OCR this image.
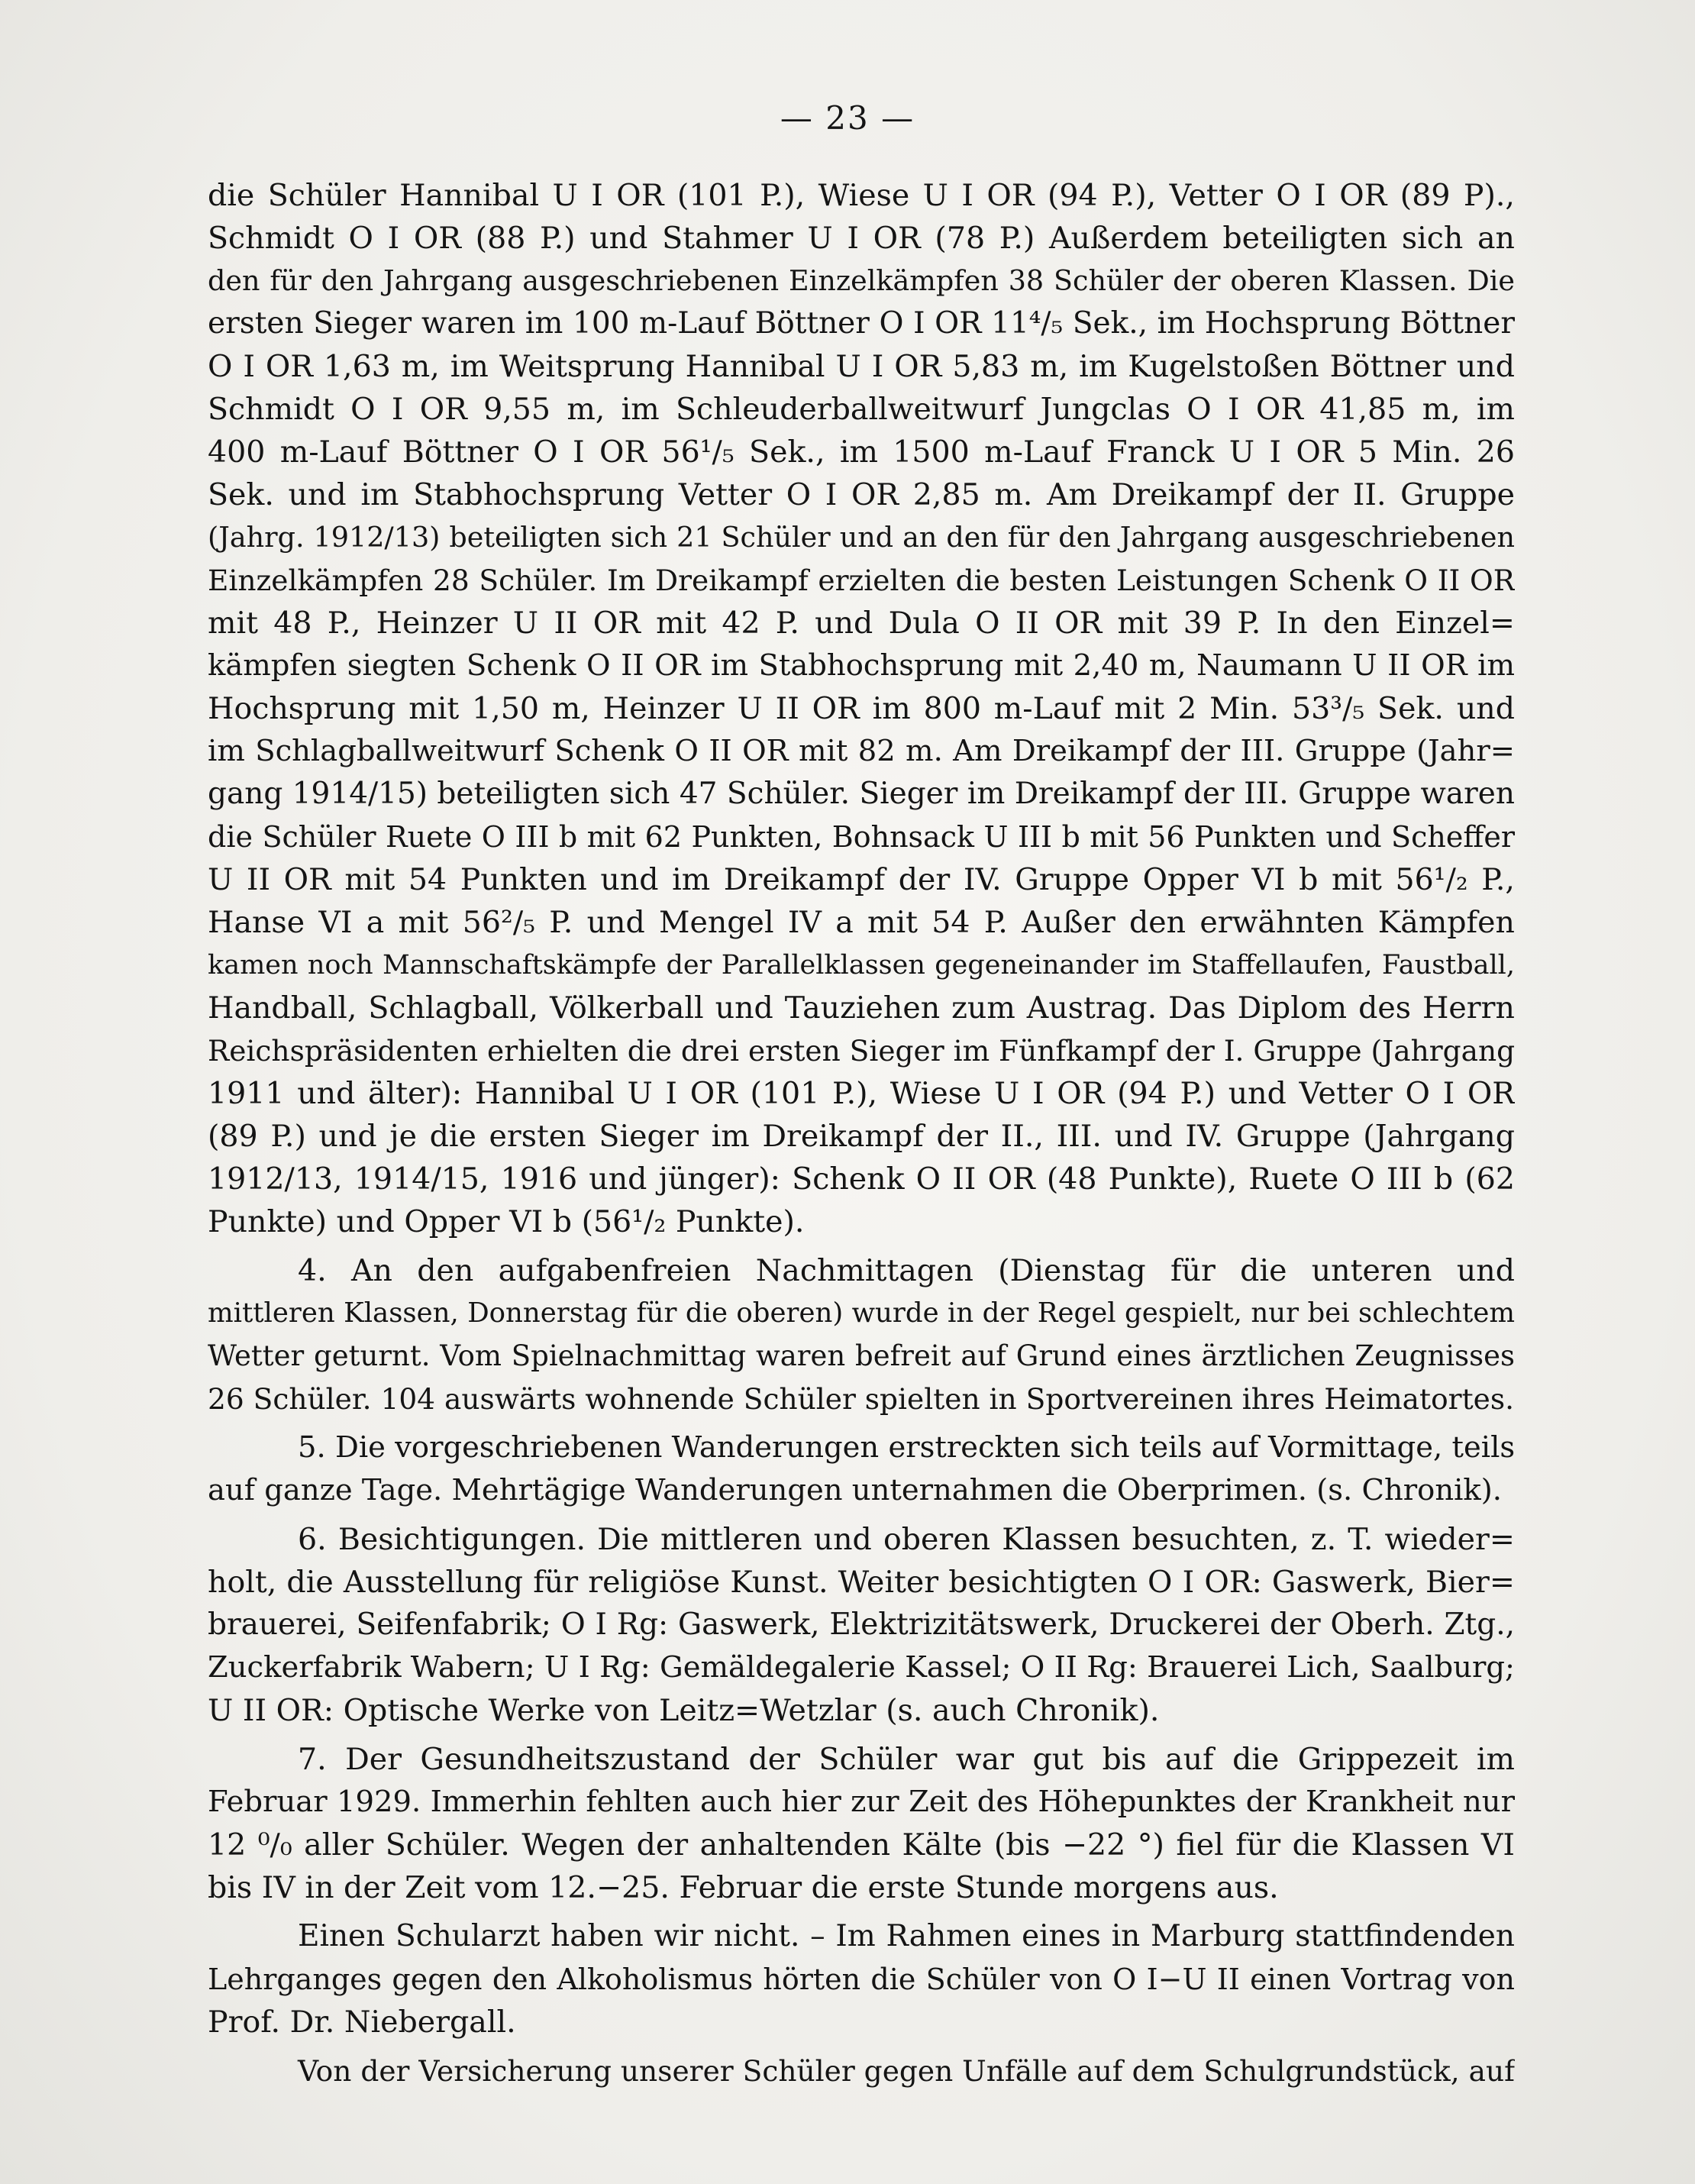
— 23 —
die Schüler Hannibal U I OR (101 P.), Wiese U I OR (94 P.), Vetter O I OR (89 P).,
Schmidt O I OR (88 P.) und Stahmer U I OR (78 P.) Außerdem beteiligten sich an
den für den Jahrgang ausgeschriebenen Einzelkämpfen 38 Schüler der oberen Klassen. Die
ersten Sieger waren im 100 m-Lauf Böttner O I OR 11⁴/₅ Sek., im Hochsprung Böttner
O I OR 1,63 m, im Weitsprung Hannibal U I OR 5,83 m, im Kugelstoßen Böttner und
Schmidt O I OR 9,55 m, im Schleuderballweitwurf Jungclas O I OR 41,85 m, im
400 m-Lauf Böttner O I OR 56¹/₅ Sek., im 1500 m-Lauf Franck U I OR 5 Min. 26
Sek. und im Stabhochsprung Vetter O I OR 2,85 m. Am Dreikampf der II. Gruppe
(Jahrg. 1912/13) beteiligten sich 21 Schüler und an den für den Jahrgang ausgeschriebenen
Einzelkämpfen 28 Schüler. Im Dreikampf erzielten die besten Leistungen Schenk O II OR
mit 48 P., Heinzer U II OR mit 42 P. und Dula O II OR mit 39 P. In den Einzel=
kämpfen siegten Schenk O II OR im Stabhochsprung mit 2,40 m, Naumann U II OR im
Hochsprung mit 1,50 m, Heinzer U II OR im 800 m-Lauf mit 2 Min. 53³/₅ Sek. und
im Schlagballweitwurf Schenk O II OR mit 82 m. Am Dreikampf der III. Gruppe (Jahr=
gang 1914/15) beteiligten sich 47 Schüler. Sieger im Dreikampf der III. Gruppe waren
die Schüler Ruete O III b mit 62 Punkten, Bohnsack U III b mit 56 Punkten und Scheffer
U II OR mit 54 Punkten und im Dreikampf der IV. Gruppe Opper VI b mit 56¹/₂ P.,
Hanse VI a mit 56²/₅ P. und Mengel IV a mit 54 P. Außer den erwähnten Kämpfen
kamen noch Mannschaftskämpfe der Parallelklassen gegeneinander im Staffellaufen, Faustball,
Handball, Schlagball, Völkerball und Tauziehen zum Austrag. Das Diplom des Herrn
Reichspräsidenten erhielten die drei ersten Sieger im Fünfkampf der I. Gruppe (Jahrgang
1911 und älter): Hannibal U I OR (101 P.), Wiese U I OR (94 P.) und Vetter O I OR
(89 P.) und je die ersten Sieger im Dreikampf der II., III. und IV. Gruppe (Jahrgang
1912/13, 1914/15, 1916 und jünger): Schenk O II OR (48 Punkte), Ruete O III b (62
Punkte) und Opper VI b (56¹/₂ Punkte).
4. An den aufgabenfreien Nachmittagen (Dienstag für die unteren und
mittleren Klassen, Donnerstag für die oberen) wurde in der Regel gespielt, nur bei schlechtem
Wetter geturnt. Vom Spielnachmittag waren befreit auf Grund eines ärztlichen Zeugnisses
26 Schüler. 104 auswärts wohnende Schüler spielten in Sportvereinen ihres Heimatortes.
5. Die vorgeschriebenen Wanderungen erstreckten sich teils auf Vormittage, teils
auf ganze Tage. Mehrtägige Wanderungen unternahmen die Oberprimen. (s. Chronik).
6. Besichtigungen. Die mittleren und oberen Klassen besuchten, z. T. wieder=
holt, die Ausstellung für religiöse Kunst. Weiter besichtigten O I OR: Gaswerk, Bier=
brauerei, Seifenfabrik; O I Rg: Gaswerk, Elektrizitätswerk, Druckerei der Oberh. Ztg.,
Zuckerfabrik Wabern; U I Rg: Gemäldegalerie Kassel; O II Rg: Brauerei Lich, Saalburg;
U II OR: Optische Werke von Leitz=Wetzlar (s. auch Chronik).
7. Der Gesundheitszustand der Schüler war gut bis auf die Grippezeit im
Februar 1929. Immerhin fehlten auch hier zur Zeit des Höhepunktes der Krankheit nur
12 ⁰/₀ aller Schüler. Wegen der anhaltenden Kälte (bis −22 °) fiel für die Klassen VI
bis IV in der Zeit vom 12.−25. Februar die erste Stunde morgens aus.
Einen Schularzt haben wir nicht. – Im Rahmen eines in Marburg stattfindenden
Lehrganges gegen den Alkoholismus hörten die Schüler von O I−U II einen Vortrag von
Prof. Dr. Niebergall.
Von der Versicherung unserer Schüler gegen Unfälle auf dem Schulgrundstück, auf
